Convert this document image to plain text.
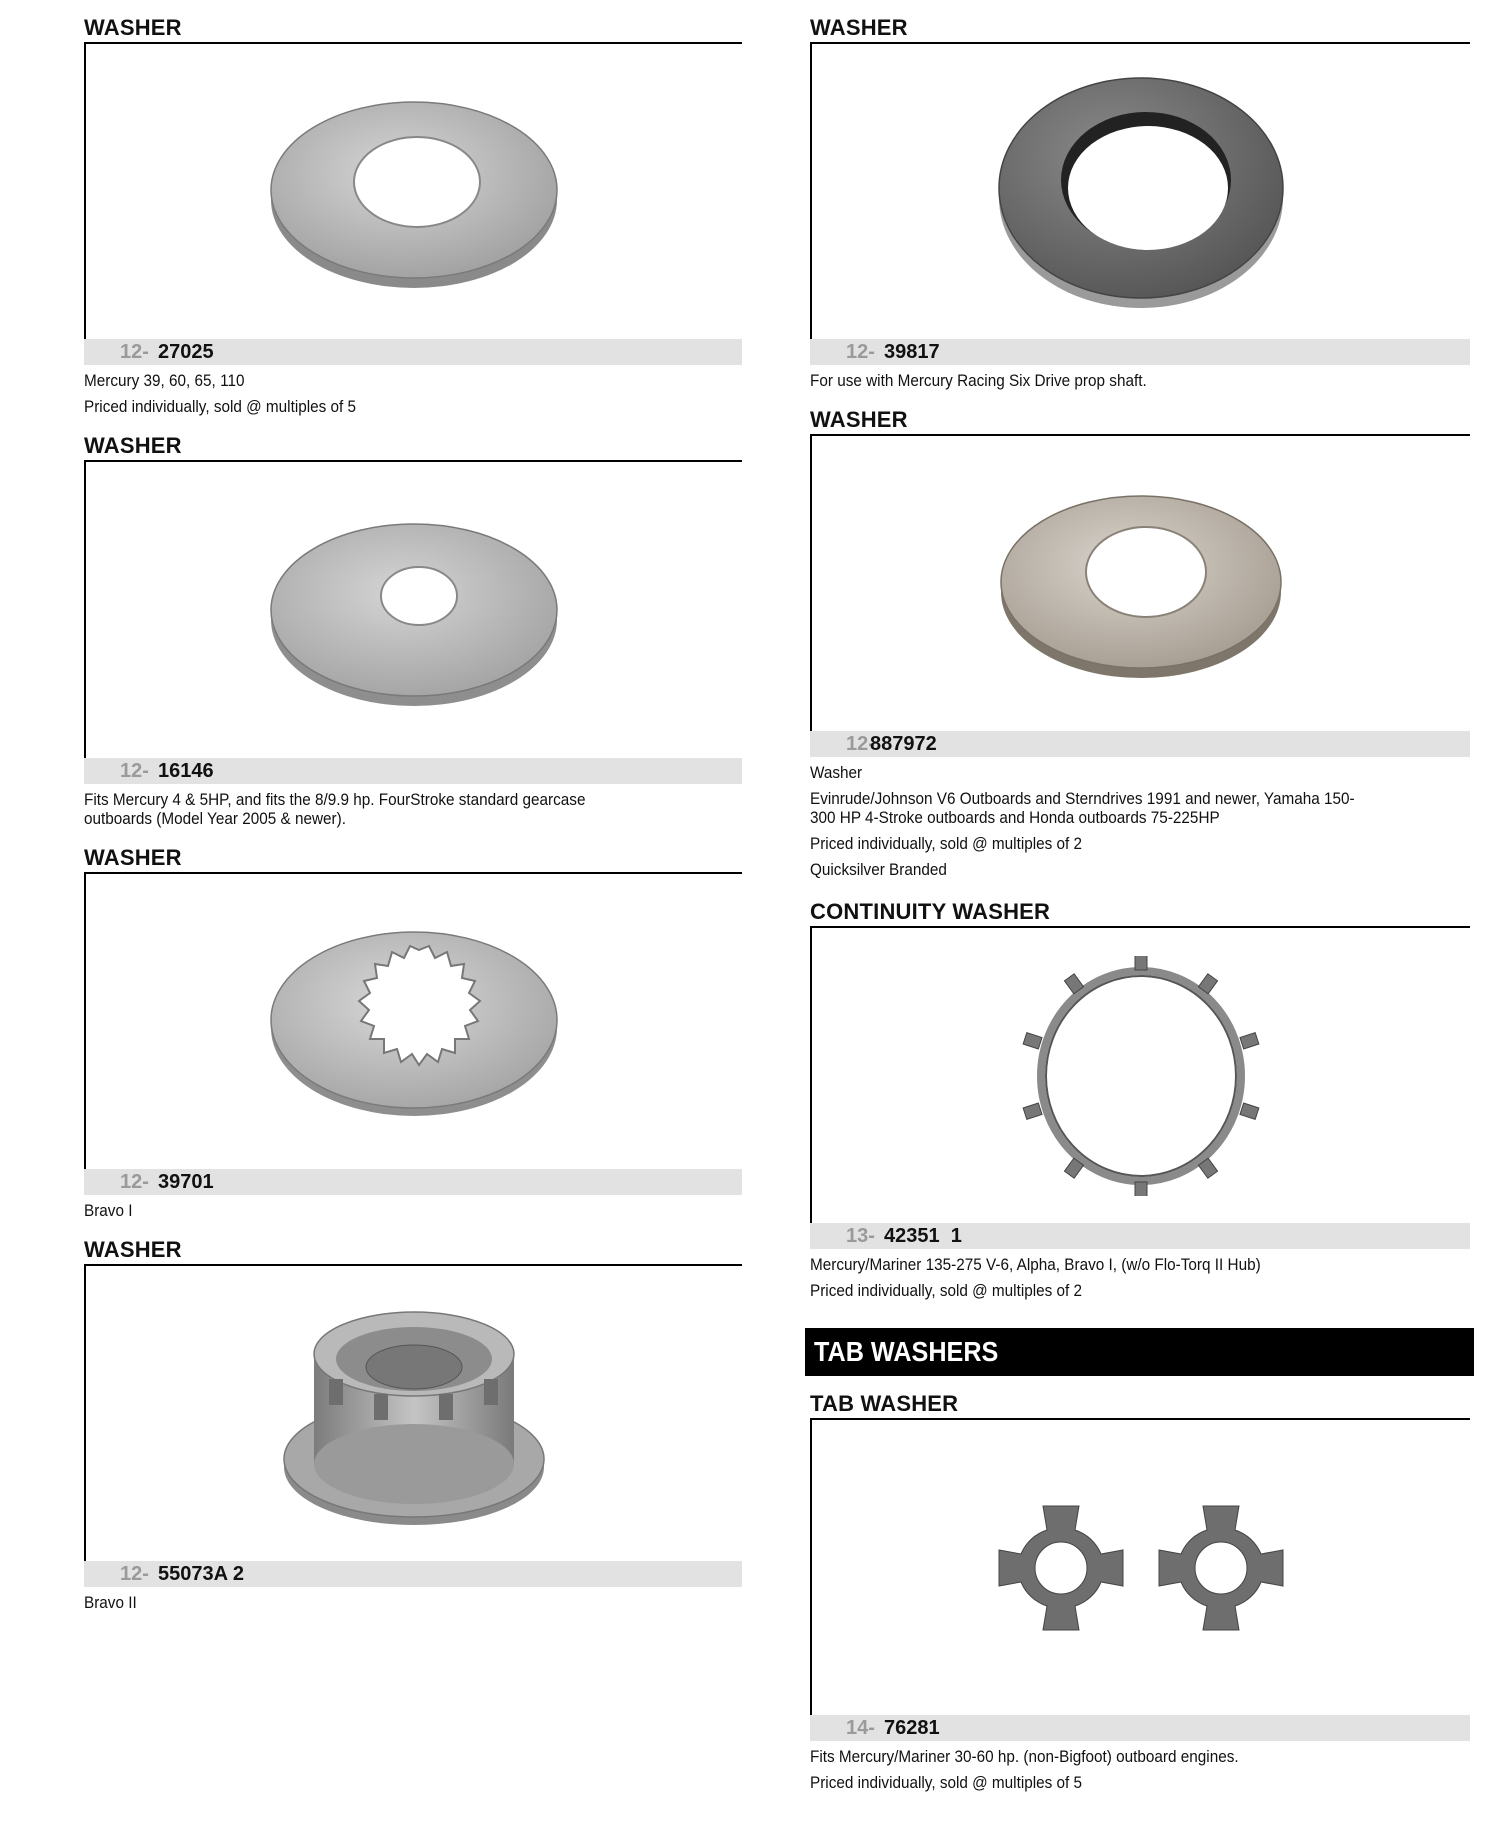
WASHER
12- 27025

Mercury 39, 60, 65, 110

Priced individually, sold @ multiples of 5

WASHER
12- 16146

Fits Mercury 4 & 5HP, and fits the 8/9.9 hp. FourStroke standard gearcase outboards (Model Year 2005 & newer).

WASHER
12- 39701

Bravo I

WASHER
12- 55073A 2

Bravo II

WASHER
12- 39817

For use with Mercury Racing Six Drive prop shaft.

WASHER
12-
887972

Washer

Evinrude/Johnson V6 Outboards and Sterndrives 1991 and newer, Yamaha 150-300 HP 4-Stroke outboards and Honda outboards 75-225HP

Priced individually, sold @ multiples of 2

Quicksilver Branded

CONTINUITY WASHER
13- 42351  1

Mercury/Mariner 135-275 V-6, Alpha, Bravo I, (w/o Flo-Torq II Hub)

Priced individually, sold @ multiples of 2

TAB WASHERS
TAB WASHER
14- 76281

Fits Mercury/Mariner 30-60 hp. (non-Bigfoot) outboard engines.

Priced individually, sold @ multiples of 5
